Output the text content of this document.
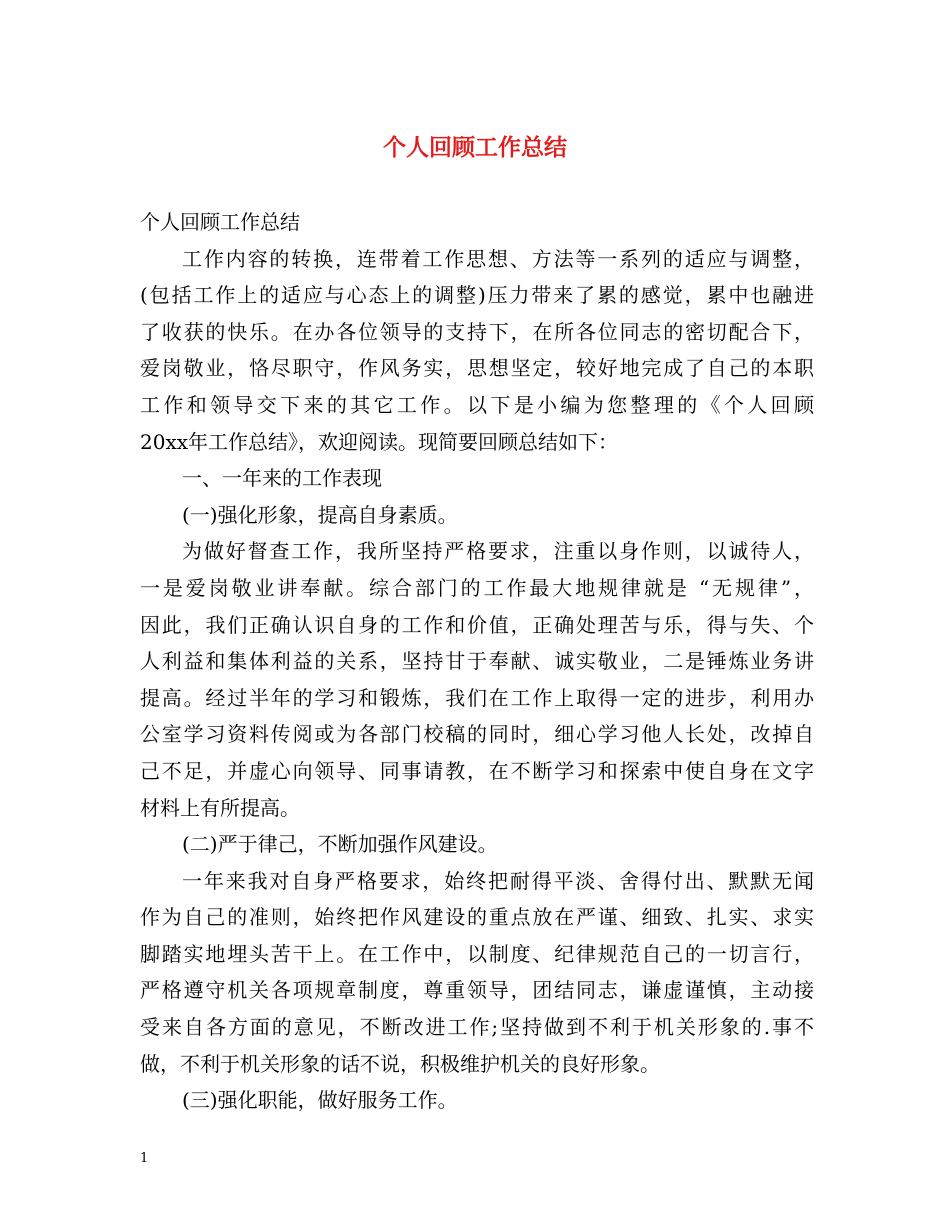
个人回顾工作总结

个人回顾工作总结

工作内容的转换，连带着工作思想、方法等一系列的适应与调整，

(包括工作上的适应与心态上的调整)压力带来了累的感觉，累中也融进

了收获的快乐。在办各位领导的支持下，在所各位同志的密切配合下，

爱岗敬业，恪尽职守，作风务实，思想坚定，较好地完成了自己的本职

工作和领导交下来的其它工作。以下是小编为您整理的《个人回顾

20xx年工作总结》，欢迎阅读。现简要回顾总结如下：

一、一年来的工作表现

(一)强化形象，提高自身素质。

为做好督查工作，我所坚持严格要求，注重以身作则，以诚待人，

一是爱岗敬业讲奉献。综合部门的工作最大地规律就是 “无规律”，

因此，我们正确认识自身的工作和价值，正确处理苦与乐，得与失、个

人利益和集体利益的关系，坚持甘于奉献、诚实敬业，二是锤炼业务讲

提高。经过半年的学习和锻炼，我们在工作上取得一定的进步，利用办

公室学习资料传阅或为各部门校稿的同时，细心学习他人长处，改掉自

己不足，并虚心向领导、同事请教，在不断学习和探索中使自身在文字

材料上有所提高。

(二)严于律己，不断加强作风建设。

一年来我对自身严格要求，始终把耐得平淡、舍得付出、默默无闻

作为自己的准则，始终把作风建设的重点放在严谨、细致、扎实、求实

脚踏实地埋头苦干上。在工作中，以制度、纪律规范自己的一切言行，

严格遵守机关各项规章制度，尊重领导，团结同志，谦虚谨慎，主动接

受来自各方面的意见，不断改进工作;坚持做到不利于机关形象的.事不

做，不利于机关形象的话不说，积极维护机关的良好形象。

(三)强化职能，做好服务工作。

1
